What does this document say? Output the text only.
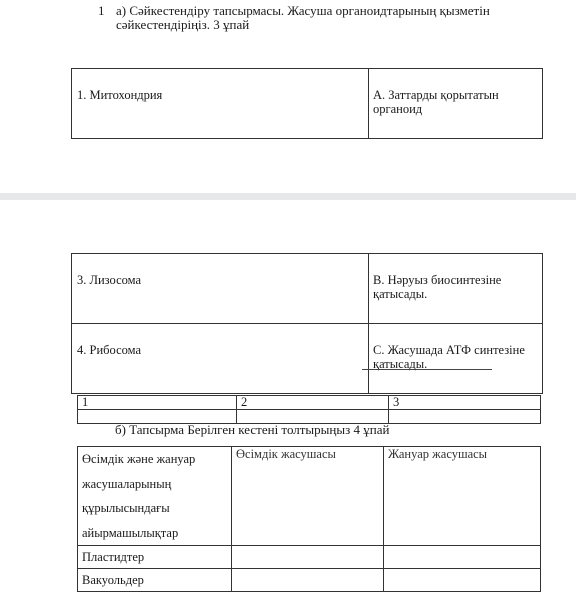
1 а) Сәйкестендіру тапсырмасы. Жасуша органоидтарының қызметін сәйкестендіріңіз. 3 ұпай
1. Митохондрия	А. Заттарды қорытатын органоид
3. Лизосома	В. Нәруыз биосинтезіне қатысады.
4. Рибосома	С. Жасушада АТФ синтезіне қатысады.
1	2	3

б) Тапсырма Берілген кестені толтырыңыз 4 ұпай
Өсімдік және жануар
жасушаларының
құрылысындағы
айырмашылықтар	Өсімдік жасушасы	Жануар жасушасы
Пластидтер		
Вакуольдер		
